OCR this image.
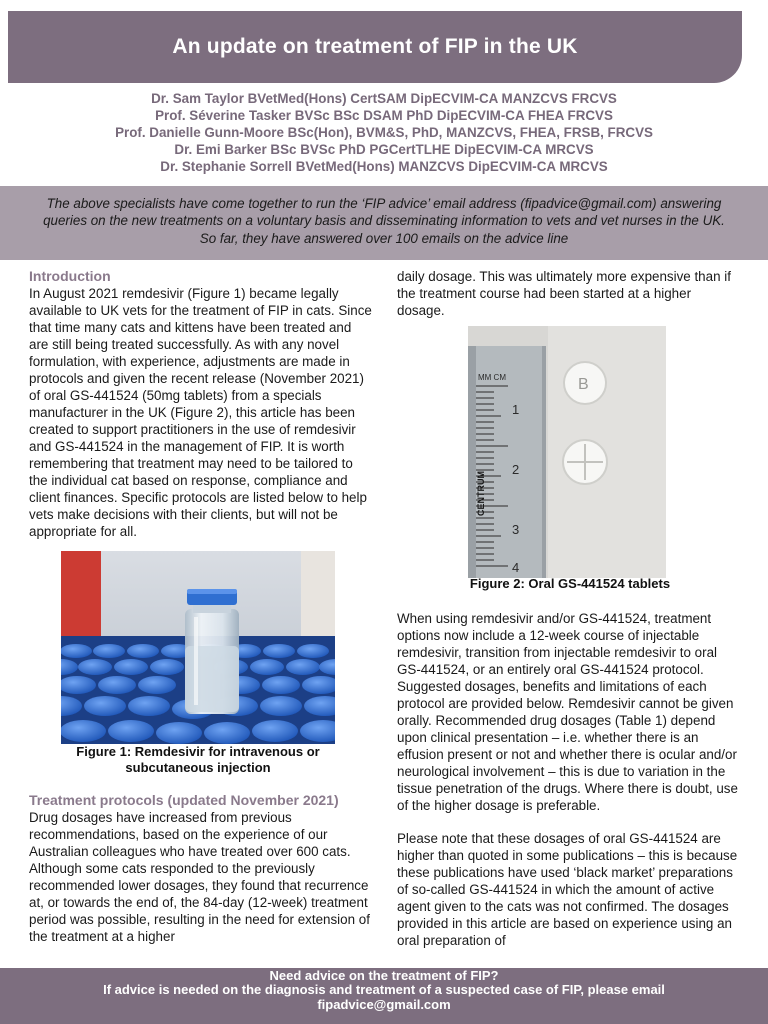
An update on treatment of FIP in the UK
Dr. Sam Taylor BVetMed(Hons) CertSAM DipECVIM-CA MANZCVS FRCVS
Prof. Séverine Tasker BVSc BSc DSAM PhD DipECVIM-CA FHEA FRCVS
Prof. Danielle Gunn-Moore BSc(Hon), BVM&S, PhD, MANZCVS, FHEA, FRSB, FRCVS
Dr. Emi Barker BSc BVSc PhD PGCertTLHE DipECVIM-CA MRCVS
Dr. Stephanie Sorrell BVetMed(Hons) MANZCVS DipECVIM-CA MRCVS

The above specialists have come together to run the ‘FIP advice’ email address (fipadvice@gmail.com) answering queries on the new treatments on a voluntary basis and disseminating information to vets and vet nurses in the UK. So far, they have answered over 100 emails on the advice line

Introduction

In August 2021 remdesivir (Figure 1) became legally available to UK vets for the treatment of FIP in cats. Since that time many cats and kittens have been treated and are still being treated successfully. As with any novel formulation, with experience, adjustments are made in protocols and given the recent release (November 2021) of oral GS-441524 (50mg tablets) from a specials manufacturer in the UK (Figure 2), this article has been created to support practitioners in the use of remdesivir and GS-441524 in the management of FIP. It is worth remembering that treatment may need to be tailored to the individual cat based on response, compliance and client finances. Specific protocols are listed below to help vets make decisions with their clients, but will not be appropriate for all.

Figure 1: Remdesivir for intravenous or subcutaneous injection
Treatment protocols (updated November 2021)

Drug dosages have increased from previous recommendations, based on the experience of our Australian colleagues who have treated over 600 cats. Although some cats responded to the previously recommended lower dosages, they found that recurrence at, or towards the end of, the 84-day (12-week) treatment period was possible, resulting in the need for extension of the treatment at a higher

daily dosage. This was ultimately more expensive than if the treatment course had been started at a higher dosage.

MM CM
1
2
3
4
CENTRUM
B
Figure 2: Oral GS-441524 tablets

When using remdesivir and/or GS-441524, treatment options now include a 12-week course of injectable remdesivir, transition from injectable remdesivir to oral GS-441524, or an entirely oral GS-441524 protocol. Suggested dosages, benefits and limitations of each protocol are provided below. Remdesivir cannot be given orally. Recommended drug dosages (Table 1) depend upon clinical presentation – i.e. whether there is an effusion present or not and whether there is ocular and/or neurological involvement – this is due to variation in the tissue penetration of the drugs. Where there is doubt, use of the higher dosage is preferable.

Please note that these dosages of oral GS-441524 are higher than quoted in some publications – this is because these publications have used ‘black market’ preparations of so-called GS-441524 in which the amount of active agent given to the cats was not confirmed. The dosages provided in this article are based on experience using an oral preparation of

Need advice on the treatment of FIP?
If advice is needed on the diagnosis and treatment of a suspected case of FIP, please email
fipadvice@gmail.com
